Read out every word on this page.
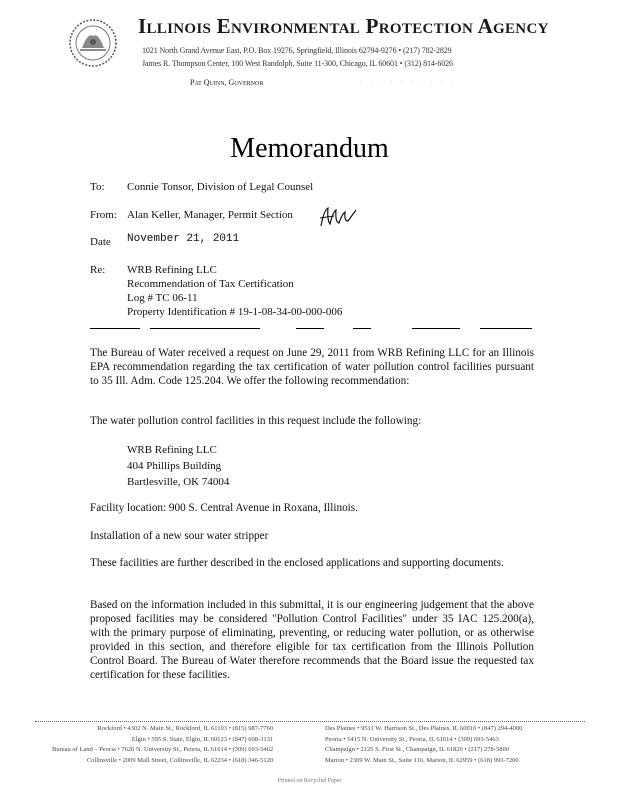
Illinois Environmental Protection Agency
1021 North Grand Avenue East, P.O. Box 19276, Springfield, Illinois 62794-9276 • (217) 782-2829
James R. Thompson Center, 100 West Randolph, Suite 11-300, Chicago, IL 60601 • (312) 814-6026
Pat Quinn, Governor	· · · · · · · · · ·
Memorandum
To: Connie Tonsor, Division of Legal Counsel
From: Alan Keller, Manager, Permit Section
Date November 21, 2011
Re: WRB Refining LLC
Recommendation of Tax Certification
Log # TC 06-11
Property Identification # 19-1-08-34-00-000-006
The Bureau of Water received a request on June 29, 2011 from WRB Refining LLC for an Illinois EPA recommendation regarding the tax certification of water pollution control facilities pursuant to 35 Ill. Adm. Code 125.204. We offer the following recommendation:
The water pollution control facilities in this request include the following:
WRB Refining LLC
404 Phillips Building
Bartlesville, OK 74004
Facility location: 900 S. Central Avenue in Roxana, Illinois.
Installation of a new sour water stripper
These facilities are further described in the enclosed applications and supporting documents.
Based on the information included in this submittal, it is our engineering judgement that the above proposed facilities may be considered "Pollution Control Facilities" under 35 IAC 125.200(a), with the primary purpose of eliminating, preventing, or reducing water pollution, or as otherwise provided in this section, and therefore eligible for tax certification from the Illinois Pollution Control Board. The Bureau of Water therefore recommends that the Board issue the requested tax certification for these facilities.
Rockford • 4302 N. Main St., Rockford, IL 61103 • (815) 987-7760
Elgin • 595 S. State, Elgin, IL 60123 • (847) 608-3131
Bureau of Land – Peoria • 7620 N. University St., Peoria, IL 61614 • (309) 693-5462
Collinsville • 2009 Mall Street, Collinsville, IL 62234 • (618) 346-5120
Des Plaines • 9511 W. Harrison St., Des Plaines, IL 60016 • (847) 294-4000
Peoria • 5415 N. University St., Peoria, IL 61614 • (309) 693-5463
Champaign • 2125 S. First St., Champaign, IL 61820 • (217) 278-5800
Marion • 2309 W. Main St., Suite 116, Marion, IL 62959 • (618) 993-7200
Printed on Recycled Paper
